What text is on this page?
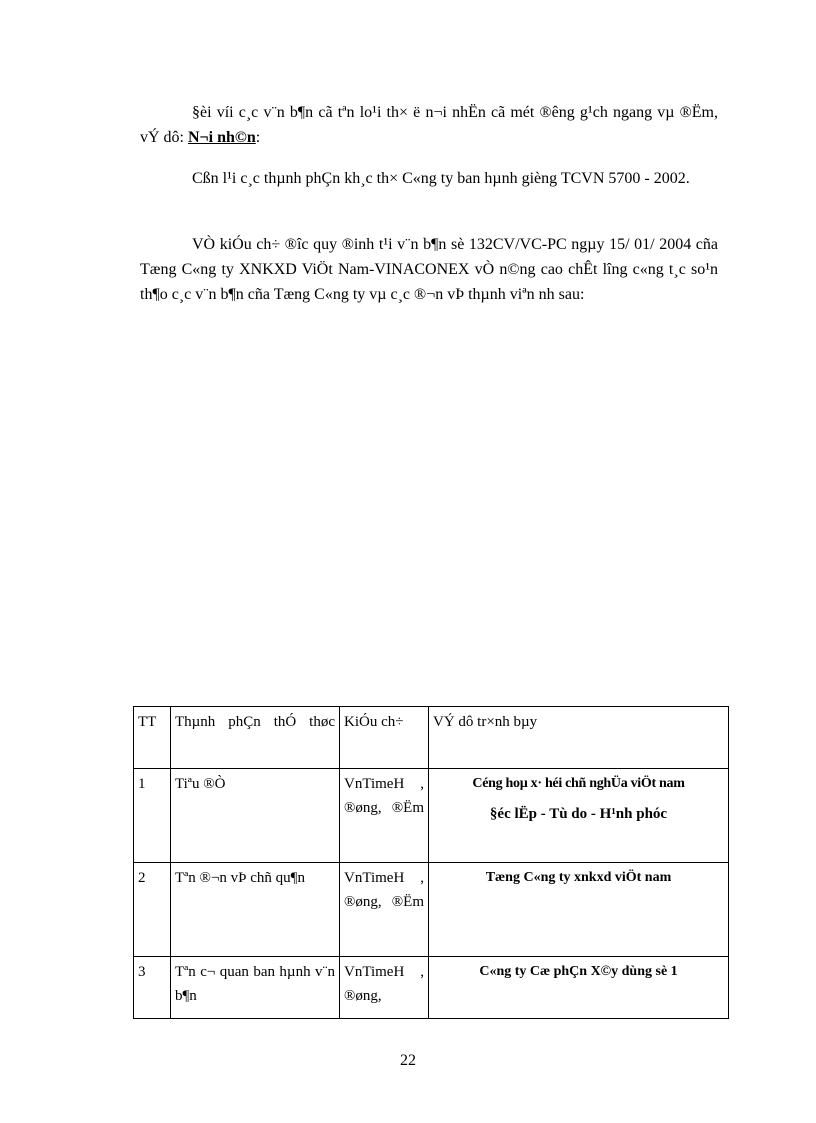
§èi víi c¸c v¨n b¶n cã tªn lo¹i th× ë n¬i nhËn cã mét ®êng g¹ch ngang vµ ®Ëm, vÝ dô: N¬i nh©n:
Cßn l¹i c¸c thµnh phÇn kh¸c th× C«ng ty ban hµnh gièng TCVN 5700 - 2002.
VÒ kiÓu ch÷ ®îc quy ®inh t¹i v¨n b¶n sè 132CV/VC-PC ngµy 15/ 01/ 2004 cña Tæng C«ng ty XNKXD ViÖt Nam-VINACONEX vÒ n©ng cao chÊt lîng c«ng t¸c so¹n th¶o c¸c v¨n b¶n cña Tæng C«ng ty vµ c¸c ®¬n vÞ thµnh viªn nh sau:
TT	Thµnh phÇn thÓ thøc	KiÓu ch÷	VÝ dô tr×nh bµy
1	Tiªu ®Ò	VnTimeH , ®øng, ®Ëm	Céng hoµ x· héi chñ nghÜa viÖt nam
§éc lËp - Tù do - H¹nh phóc

2	Tªn ®¬n vÞ chñ qu¶n	VnTimeH , ®øng, ®Ëm	Tæng C«ng ty xnkxd viÖt nam

3	Tªn c¬ quan ban hµnh v¨n b¶n	VnTimeH , ®øng,	C«ng ty Cæ phÇn X©y dùng sè 1
22
